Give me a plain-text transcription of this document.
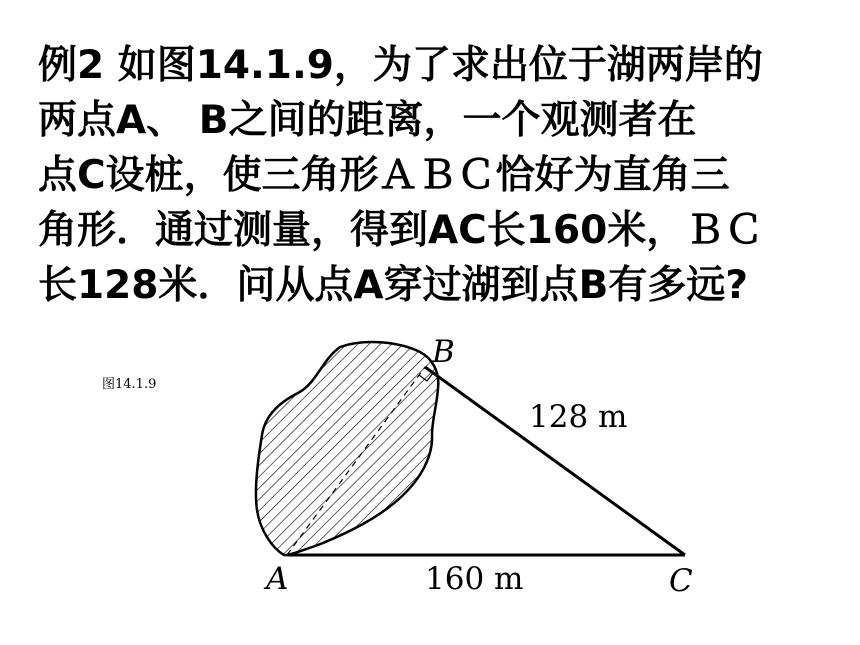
例2 如图14.1.9，为了求出位于湖两岸的
两点A、 B之间的距离，一个观测者在
点C设桩，使三角形ＡＢＣ恰好为直角三
角形．通过测量，得到AC长160米，ＢＣ
长128米．问从点A穿过湖到点B有多远?
图14.1.9
B
A	C
128 m
160 m
